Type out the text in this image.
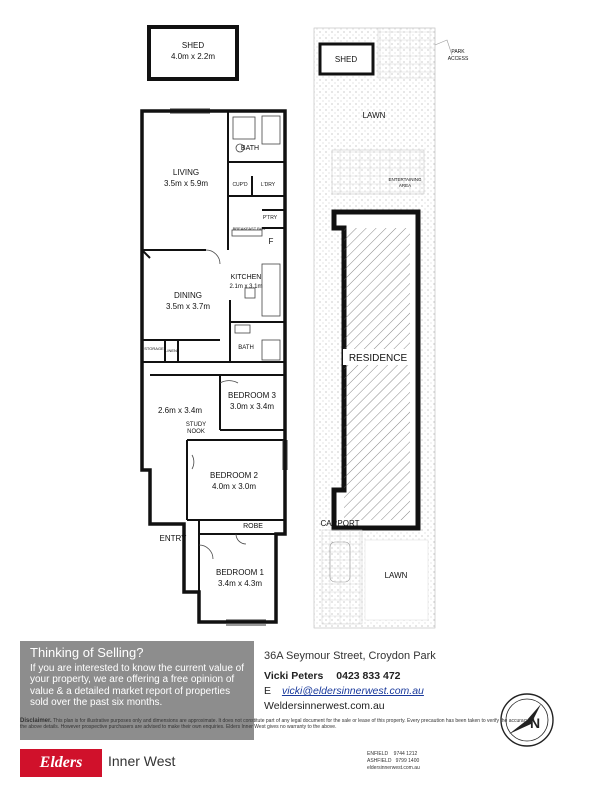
SHED
4.0m x 2.2m
LIVING
3.5m x 5.9m
BATH
CUP'D	L'DRY
P'TRY
BREAKFAST BAR
F
KITCHEN
2.1m x 3.1m
DINING
3.5m x 3.7m
STORAGE LINEN	BATH
2.6m x 3.4m
STUDY
NOOK
BEDROOM 3
3.0m x 3.4m
BEDROOM 2
4.0m x 3.0m
ROBE
ENTRY
BEDROOM 1
3.4m x 4.3m
SHED
PARK
ACCESS
LAWN
ENTERTAINING
AREA
RESIDENCE
CARPORT
LAWN
Thinking of Selling?
If you are interested to know the current value of your property, we are offering a free opinion of value & a detailed market report of properties sold over the past six months.
36A Seymour Street, Croydon Park
Vicki Peters 0423 833 472
E vicki@eldersinnerwest.com.au
Weldersinnerwest.com.au
Disclaimer. This plan is for illustrative purposes only and dimensions are approximate. It does not constitute part of any legal document for the sale or lease of this property. Every precaution has been taken to verify the accuracy of the above details. However prospective purchasers are advised to make their own enquiries. Elders Inner West gives no warranty to the above.
Elders	Inner West	ENFIELD    9744 1212
ASHFIELD   9799 1400
eldersinnerwest.com.au
N
